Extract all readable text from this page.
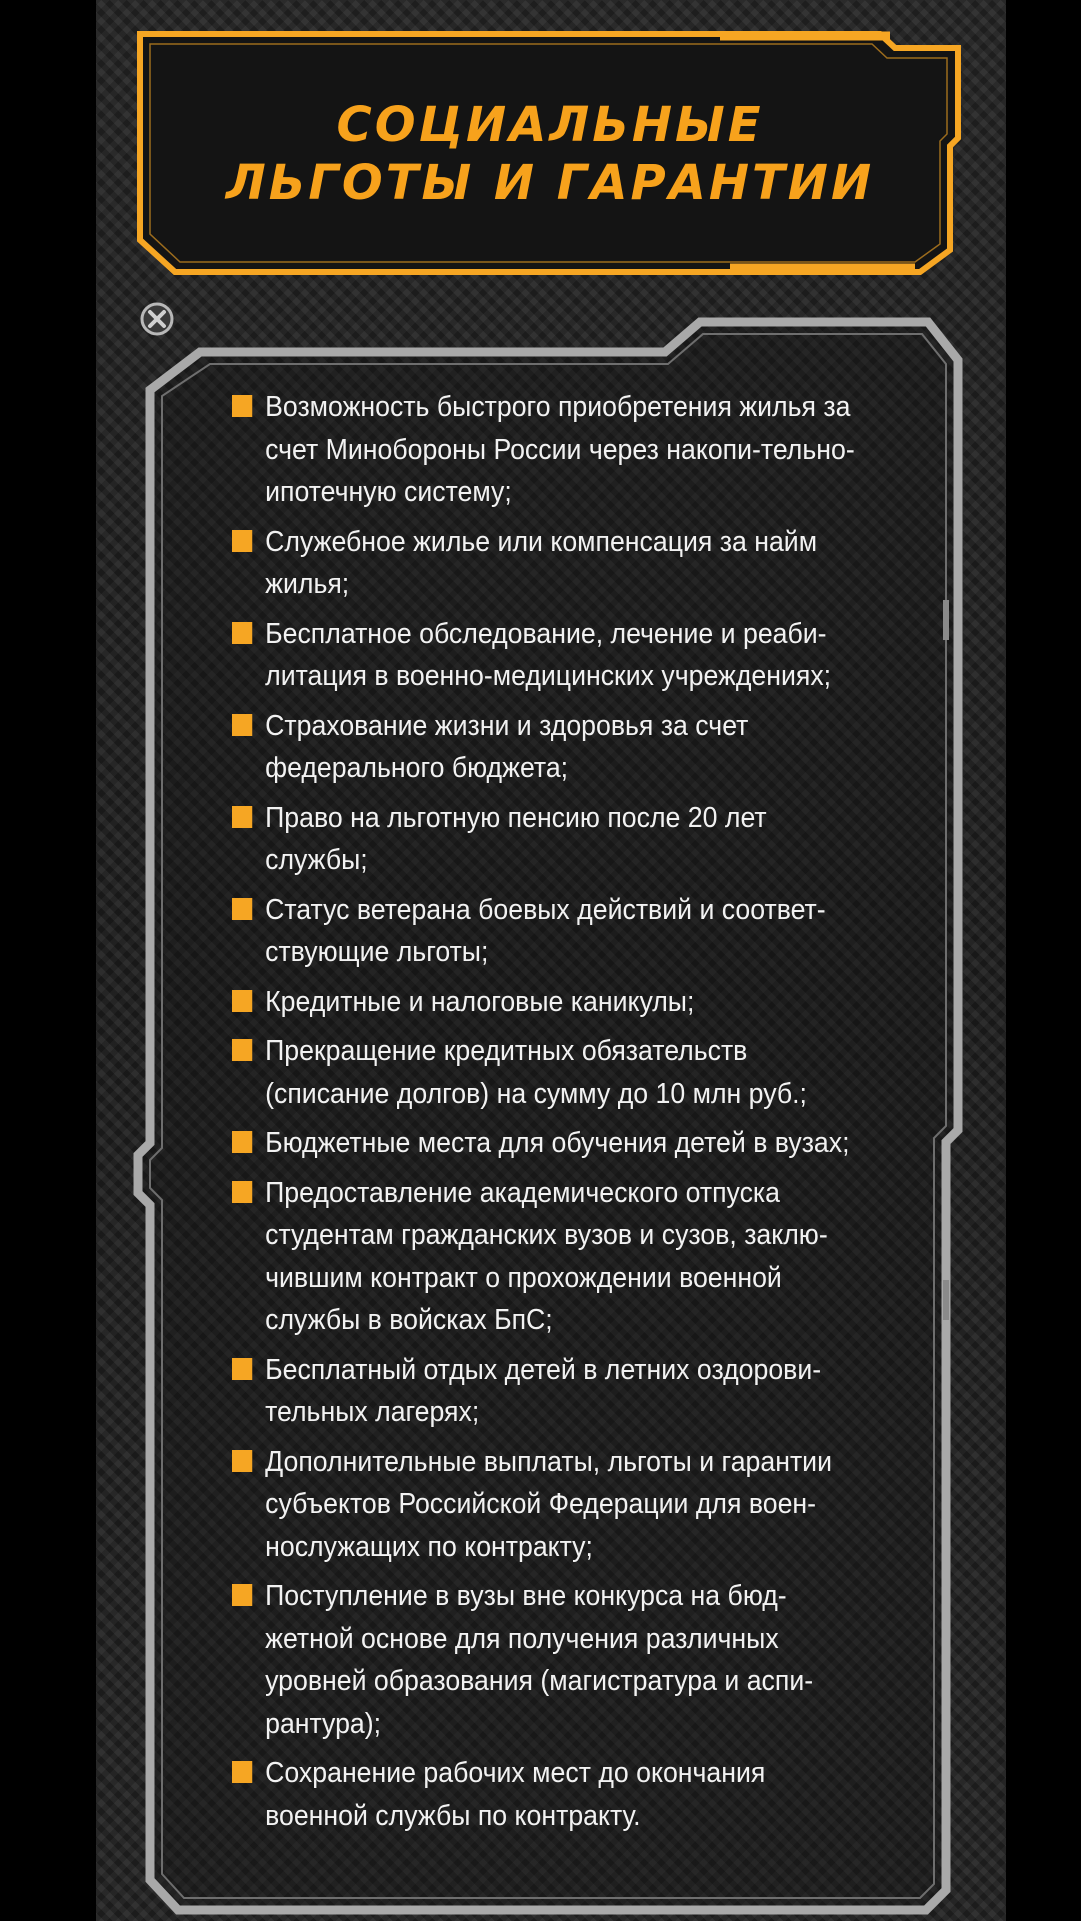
СОЦИАЛЬНЫЕ
ЛЬГОТЫ И ГАРАНТИИ
Возможность быстрого приобретения жилья за счет Минобороны России через накопи-тельно-ипотечную систему;
Служебное жилье или компенсация за найм жилья;
Бесплатное обследование, лечение и реаби-литация в военно-медицинских учреждениях;
Страхование жизни и здоровья за счет федерального бюджета;
Право на льготную пенсию после 20 лет службы;
Статус ветерана боевых действий и соответ-ствующие льготы;
Кредитные и налоговые каникулы;
Прекращение кредитных обязательств (списание долгов) на сумму до 10 млн руб.;
Бюджетные места для обучения детей в вузах;
Предоставление академического отпуска студентам гражданских вузов и сузов, заклю-чившим контракт о прохождении военной службы в войсках БпС;
Бесплатный отдых детей в летних оздорови-тельных лагерях;
Дополнительные выплаты, льготы и гарантии субъектов Российской Федерации для воен-нослужащих по контракту;
Поступление в вузы вне конкурса на бюд-жетной основе для получения различных уровней образования (магистратура и аспи-рантура);
Сохранение рабочих мест до окончания военной службы по контракту.
